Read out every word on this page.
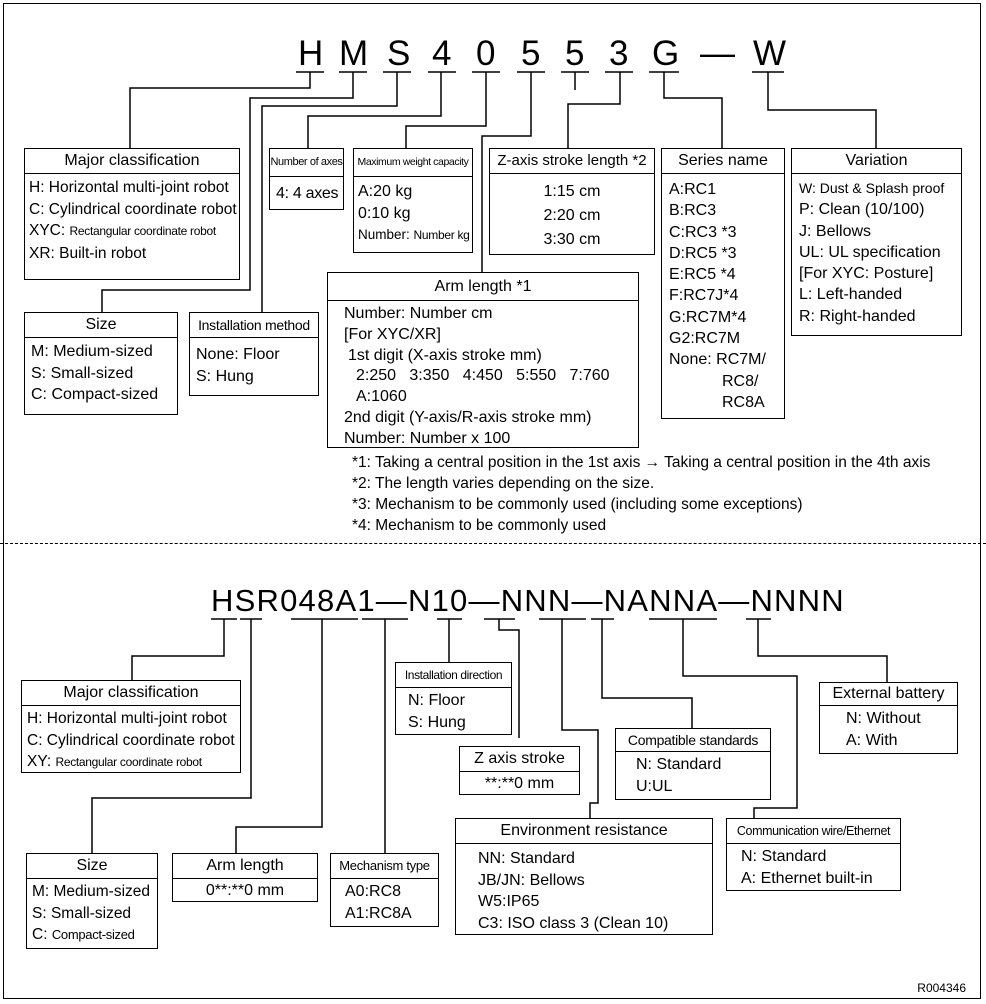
H M S 4 0 5 5 3 G — W
Major classification
H: Horizontal multi-joint robot
C: Cylindrical coordinate robot
XYC: Rectangular coordinate robot
XR: Built-in robot
Size
M: Medium-sized
S: Small-sized
C: Compact-sized
Installation method
None: Floor
S: Hung
Number of axes
4: 4 axes
Maximum weight capacity
A:20 kg
0:10 kg
Number: Number kg
Z-axis stroke length *2
1:15 cm
2:20 cm
3:30 cm
Series name
A:RC1
B:RC3
C:RC3 *3
D:RC5 *3
E:RC5 *4
F:RC7J*4
G:RC7M*4
G2:RC7M
None: RC7M/
RC8/
RC8A
Variation
W: Dust & Splash proof
P: Clean (10/100)
J: Bellows
UL: UL specification
[For XYC: Posture]
L: Left-handed
R: Right-handed
Arm length *1
Number: Number cm
[For XYC/XR]
1st digit (X-axis stroke mm)
2:250   3:350   4:450   5:550   7:760
A:1060
2nd digit (Y-axis/R-axis stroke mm)
Number: Number x 100
*1: Taking a central position in the 1st axis → Taking a central position in the 4th axis
*2: The length varies depending on the size.
*3: Mechanism to be commonly used (including some exceptions)
*4: Mechanism to be commonly used
HSR048A1—N10—NNN—NANNA—NNNN
Major classification
H: Horizontal multi-joint robot
C: Cylindrical coordinate robot
XY: Rectangular coordinate robot
Size
M: Medium-sized
S: Small-sized
C: Compact-sized
Arm length
0**:**0 mm
Mechanism type
A0:RC8
A1:RC8A
Installation direction
N: Floor
S: Hung
Z axis stroke
**:**0 mm
Environment resistance
NN: Standard
JB/JN: Bellows
W5:IP65
C3: ISO class 3 (Clean 10)
Compatible standards
N: Standard
U:UL
Communication wire/Ethernet
N: Standard
A: Ethernet built-in
External battery
N: Without
A: With
R004346
